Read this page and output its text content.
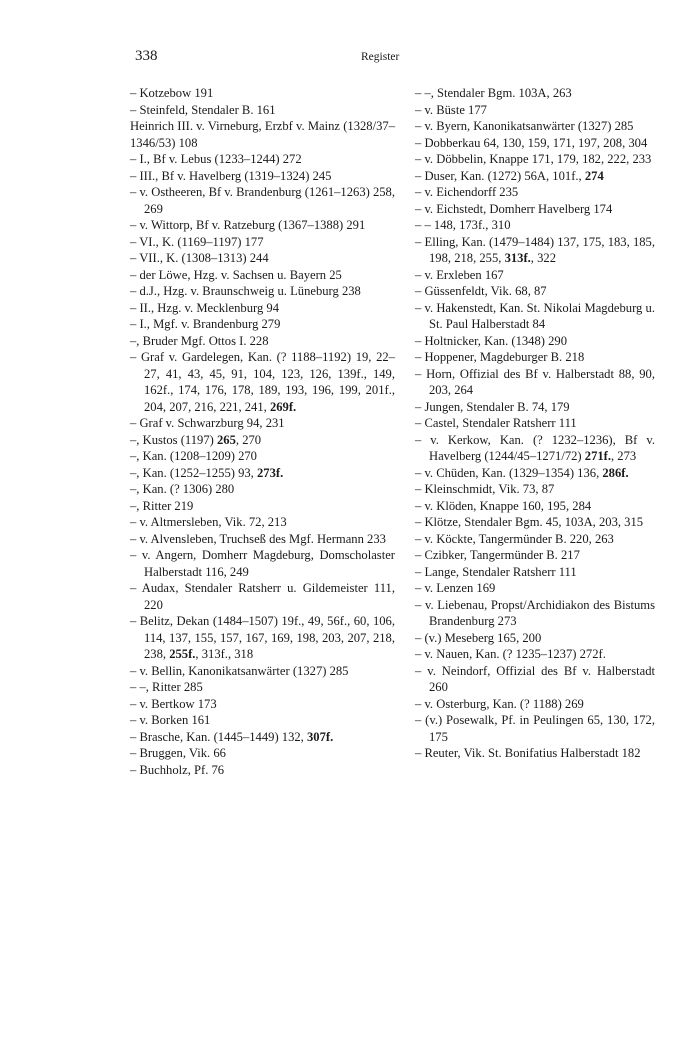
338	Register
– Kotzebow 191
– Steinfeld, Stendaler B. 161
Heinrich III. v. Virneburg, Erzbf v. Mainz (1328/37–1346/53) 108
– I., Bf v. Lebus (1233–1244) 272
– III., Bf v. Havelberg (1319–1324) 245
– v. Ostheeren, Bf v. Brandenburg (1261–1263) 258, 269
– v. Wittorp, Bf v. Ratzeburg (1367–1388) 291
– VI., K. (1169–1197) 177
– VII., K. (1308–1313) 244
– der Löwe, Hzg. v. Sachsen u. Bayern 25
– d.J., Hzg. v. Braunschweig u. Lüneburg 238
– II., Hzg. v. Mecklenburg 94
– I., Mgf. v. Brandenburg 279
–, Bruder Mgf. Ottos I. 228
– Graf v. Gardelegen, Kan. (? 1188–1192) 19, 22–27, 41, 43, 45, 91, 104, 123, 126, 139f., 149, 162f., 174, 176, 178, 189, 193, 196, 199, 201f., 204, 207, 216, 221, 241, 269f.
– Graf v. Schwarzburg 94, 231
–, Kustos (1197) 265, 270
–, Kan. (1208–1209) 270
–, Kan. (1252–1255) 93, 273f.
–, Kan. (? 1306) 280
–, Ritter 219
– v. Altmersleben, Vik. 72, 213
– v. Alvensleben, Truchseß des Mgf. Hermann 233
– v. Angern, Domherr Magdeburg, Domscholaster Halberstadt 116, 249
– Audax, Stendaler Ratsherr u. Gildemeister 111, 220
– Belitz, Dekan (1484–1507) 19f., 49, 56f., 60, 106, 114, 137, 155, 157, 167, 169, 198, 203, 207, 218, 238, 255f., 313f., 318
– v. Bellin, Kanonikatsanwärter (1327) 285
– –, Ritter 285
– v. Bertkow 173
– v. Borken 161
– Brasche, Kan. (1445–1449) 132, 307f.
– Bruggen, Vik. 66
– Buchholz, Pf. 76
– –, Stendaler Bgm. 103A, 263
– v. Büste 177
– v. Byern, Kanonikatsanwärter (1327) 285
– Dobberkau 64, 130, 159, 171, 197, 208, 304
– v. Döbbelin, Knappe 171, 179, 182, 222, 233
– Duser, Kan. (1272) 56A, 101f., 274
– v. Eichendorff 235
– v. Eichstedt, Domherr Havelberg 174
– – 148, 173f., 310
– Elling, Kan. (1479–1484) 137, 175, 183, 185, 198, 218, 255, 313f., 322
– v. Erxleben 167
– Güssenfeldt, Vik. 68, 87
– v. Hakenstedt, Kan. St. Nikolai Magdeburg u. St. Paul Halberstadt 84
– Holtnicker, Kan. (1348) 290
– Hoppener, Magdeburger B. 218
– Horn, Offizial des Bf v. Halberstadt 88, 90, 203, 264
– Jungen, Stendaler B. 74, 179
– Castel, Stendaler Ratsherr 111
– v. Kerkow, Kan. (? 1232–1236), Bf v. Havelberg (1244/45–1271/72) 271f., 273
– v. Chüden, Kan. (1329–1354) 136, 286f.
– Kleinschmidt, Vik. 73, 87
– v. Klöden, Knappe 160, 195, 284
– Klötze, Stendaler Bgm. 45, 103A, 203, 315
– v. Köckte, Tangermünder B. 220, 263
– Czibker, Tangermünder B. 217
– Lange, Stendaler Ratsherr 111
– v. Lenzen 169
– v. Liebenau, Propst/Archidiakon des Bistums Brandenburg 273
– (v.) Meseberg 165, 200
– v. Nauen, Kan. (? 1235–1237) 272f.
– v. Neindorf, Offizial des Bf v. Halberstadt 260
– v. Osterburg, Kan. (? 1188) 269
– (v.) Posewalk, Pf. in Peulingen 65, 130, 172, 175
– Reuter, Vik. St. Bonifatius Halberstadt 182
